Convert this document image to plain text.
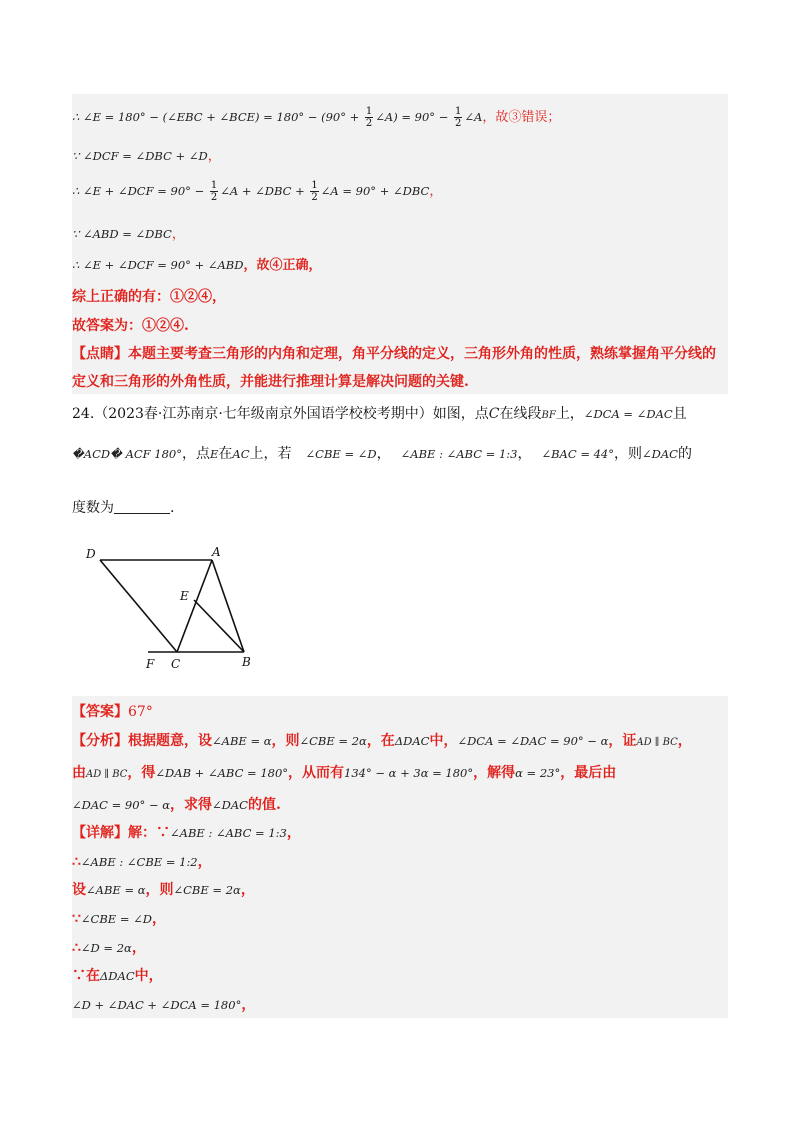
∴ ∠E = 180° − (∠EBC + ∠BCE) = $180^\circ - (90^\circ + \frac{1}{2}$ ∠A) = $90^\circ - \frac{1}{2}$ ∠A，故③错误；
∵ ∠DCF = ∠DBC + ∠D，
∴ ∠E + ∠DCF = $90^\circ - \frac{1}{2}$ ∠A + ∠DBC + $\frac{1}{2}$ ∠A = 90° + ∠DBC，
∵ ∠ABD = ∠DBC，
∴ ∠E + ∠DCF = 90° + ∠ABD，故④正确，
综上正确的有：①②④，
故答案为：①②④.
【点睛】本题主要考查三角形的内角和定理，角平分线的定义，三角形外角的性质，熟练掌握角平分线的
定义和三角形的外角性质，并能进行推理计算是解决问题的关键.
24.（2023春·江苏南京·七年级南京外国语学校校考期中）如图，点C在线段BF上，∠DCA = ∠DAC且
�ACD� ACF 180°，点E在AC上，若 ∠CBE = ∠D， ∠ABE : ∠ABC = 1:3， ∠BAC = 44°，则∠DAC的
度数为	.
D	A
E
F C	B
【答案】67°
【分析】根据题意，设∠ABE = α，则∠CBE = 2α，在ΔDAC中，∠DCA = ∠DAC = 90° − α，证AD ∥ BC，
由AD ∥ BC，得∠DAB + ∠ABC = 180°，从而有134° − α + 3α = 180°，解得α = 23°，最后由
∠DAC = 90° − α，求得∠DAC的值.
【详解】解：∵∠ABE : ∠ABC = 1:3，
∴∠ABE : ∠CBE = 1:2，
设∠ABE = α，则∠CBE = 2α，
∵∠CBE = ∠D，
∴∠D = 2α，
∵在ΔDAC中，
∠D + ∠DAC + ∠DCA = 180°，
